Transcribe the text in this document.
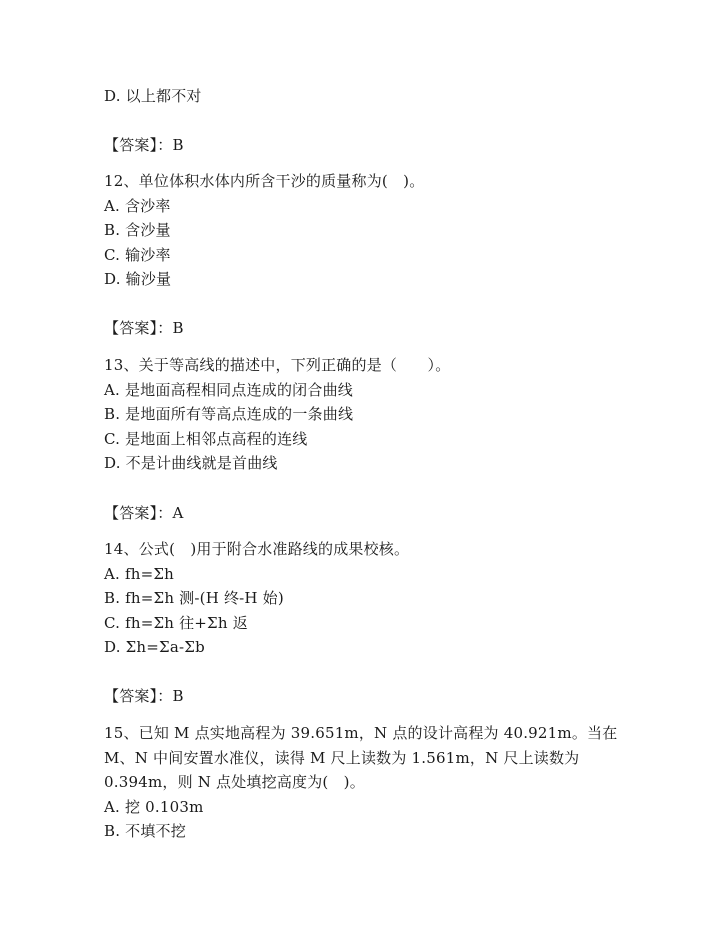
D. 以上都不对
【答案】：B
12、单位体积水体内所含干沙的质量称为(　)。
A. 含沙率
B. 含沙量
C. 输沙率
D. 输沙量
【答案】：B
13、关于等高线的描述中，下列正确的是（　　）。
A. 是地面高程相同点连成的闭合曲线
B. 是地面所有等高点连成的一条曲线
C. 是地面上相邻点高程的连线
D. 不是计曲线就是首曲线
【答案】：A
14、公式(　)用于附合水准路线的成果校核。
A. fh=Σh
B. fh=Σh 测-(H 终-H 始)
C. fh=Σh 往+Σh 返
D. Σh=Σa-Σb
【答案】：B
15、已知 M 点实地高程为 39.651m，N 点的设计高程为 40.921m。当在
M、N 中间安置水准仪，读得 M 尺上读数为 1.561m，N 尺上读数为
0.394m，则 N 点处填挖高度为(　)。
A. 挖 0.103m
B. 不填不挖
